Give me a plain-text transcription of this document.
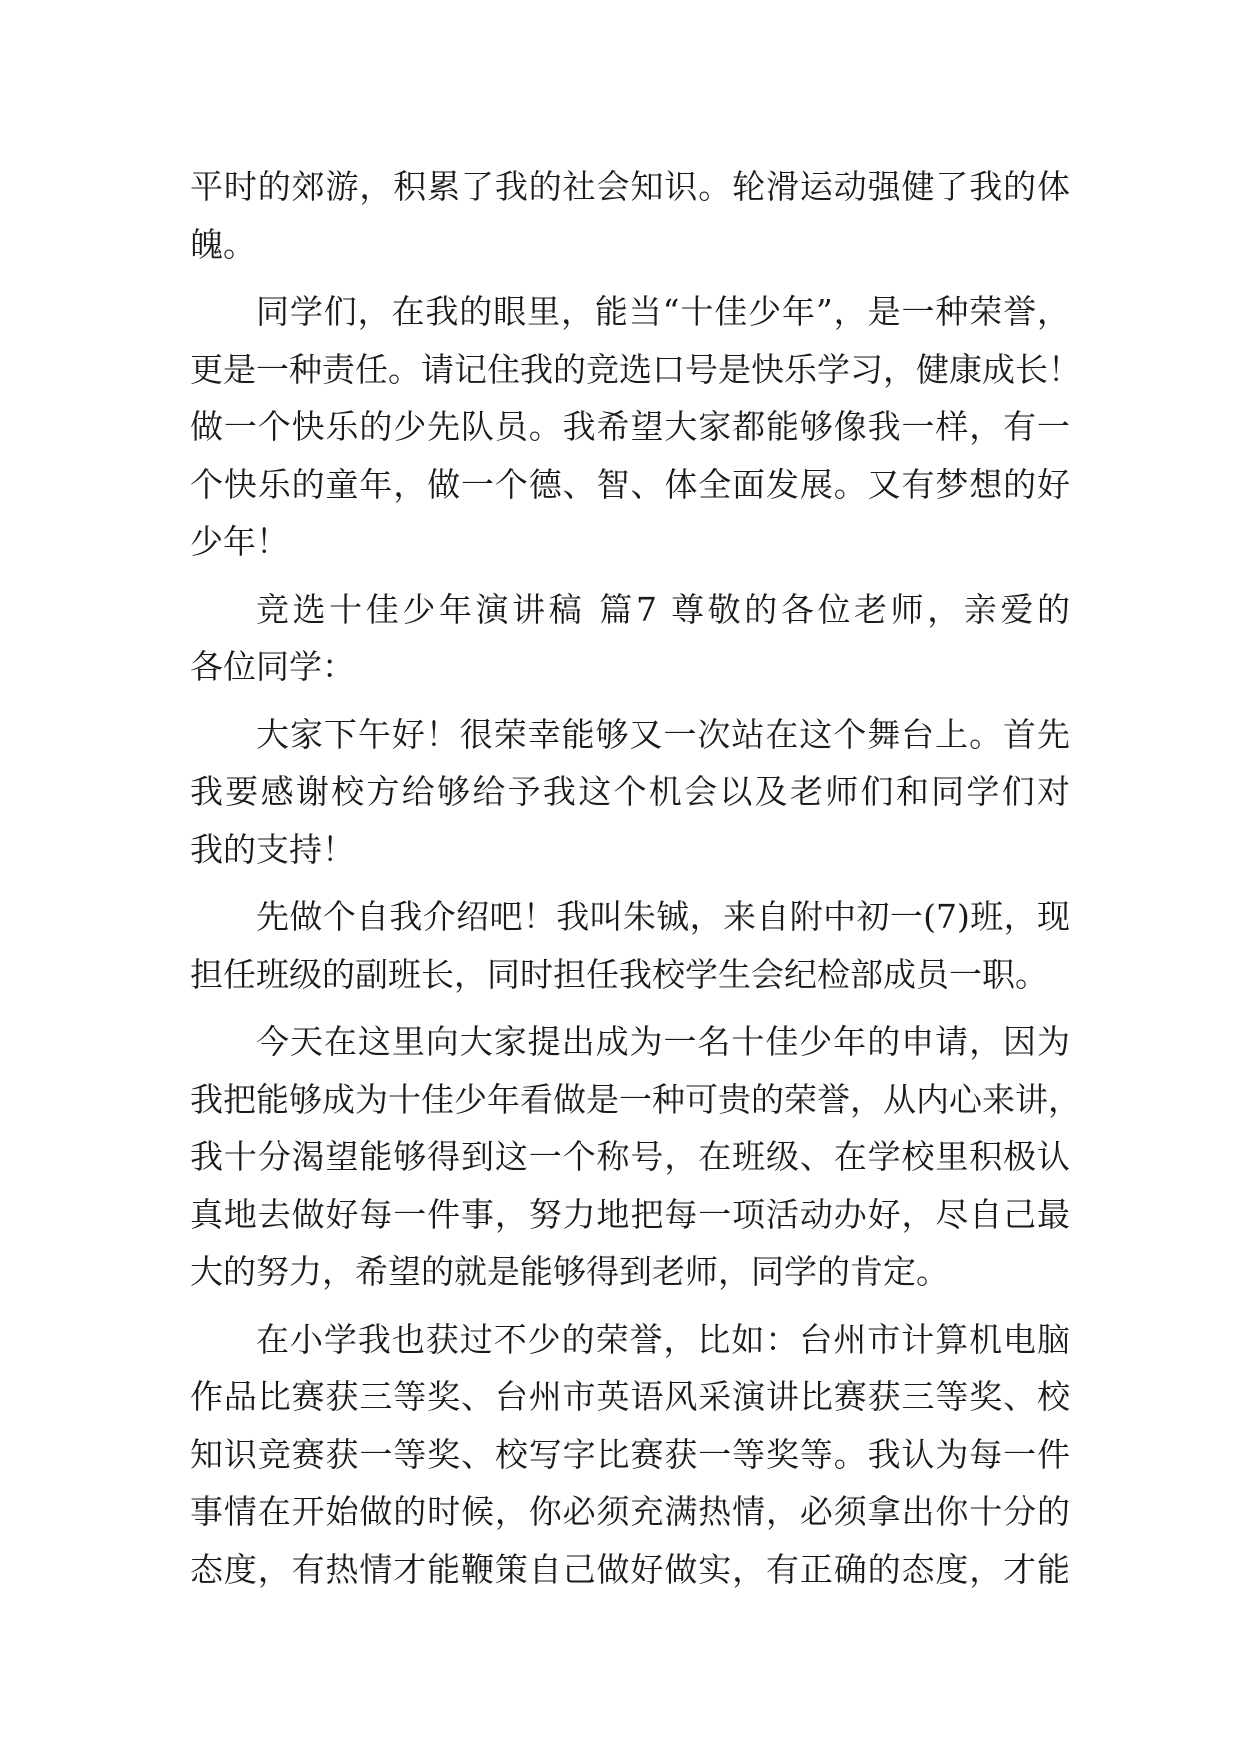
平时的郊游，积累了我的社会知识。轮滑运动强健了我的体
魄。
同学们，在我的眼里，能当“十佳少年”，是一种荣誉，
更是一种责任。请记住我的竞选口号是快乐学习，健康成长！
做一个快乐的少先队员。我希望大家都能够像我一样，有一
个快乐的童年，做一个德、智、体全面发展。又有梦想的好
少年！
竞选十佳少年演讲稿 篇7 尊敬的各位老师，亲爱的
各位同学：
大家下午好！很荣幸能够又一次站在这个舞台上。首先
我要感谢校方给够给予我这个机会以及老师们和同学们对
我的支持！
先做个自我介绍吧！我叫朱铖，来自附中初一(7)班，现
担任班级的副班长，同时担任我校学生会纪检部成员一职。
今天在这里向大家提出成为一名十佳少年的申请，因为
我把能够成为十佳少年看做是一种可贵的荣誉，从内心来讲，
我十分渴望能够得到这一个称号，在班级、在学校里积极认
真地去做好每一件事，努力地把每一项活动办好，尽自己最
大的努力，希望的就是能够得到老师，同学的肯定。
在小学我也获过不少的荣誉，比如：台州市计算机电脑
作品比赛获三等奖、台州市英语风采演讲比赛获三等奖、校
知识竞赛获一等奖、校写字比赛获一等奖等。我认为每一件
事情在开始做的时候，你必须充满热情，必须拿出你十分的
态度，有热情才能鞭策自己做好做实，有正确的态度，才能
